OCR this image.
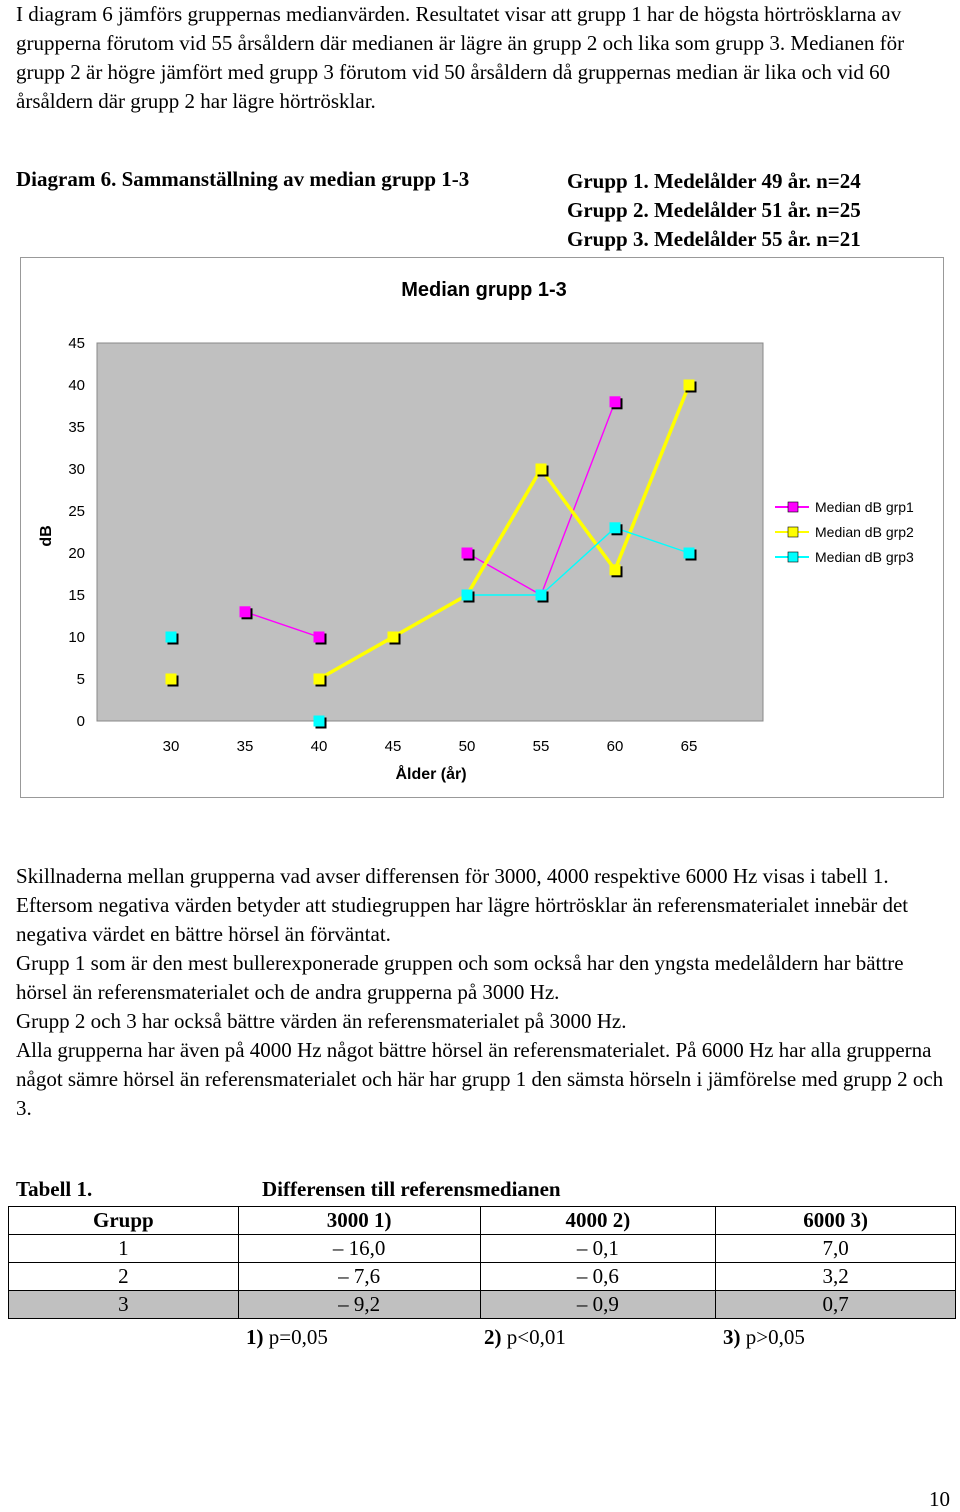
I diagram 6 jämförs gruppernas medianvärden. Resultatet visar att grupp 1 har de högsta hörtrösklarna av grupperna förutom vid 55 årsåldern där medianen är lägre än grupp 2 och lika som grupp 3. Medianen för grupp 2 är högre jämfört med grupp 3 förutom vid 50 årsåldern då gruppernas median är lika och vid 60 årsåldern där grupp 2 har lägre hörtrösklar.

Diagram 6. Sammanställning av median grupp 1-3	Grupp 1. Medelålder 49 år. n=24
Grupp 2. Medelålder 51 år. n=25
Grupp 3. Medelålder 55 år. n=21
Median grupp 1-3
0
5
10
15
20
25
30
35
40
45
30	35	40	45	50	55	60	65
dB
Ålder (år)
Median dB grp1
Median dB grp2
Median dB grp3

Skillnaderna mellan grupperna vad avser differensen för 3000, 4000 respektive 6000 Hz visas i tabell 1. Eftersom negativa värden betyder att studiegruppen har lägre hörtrösklar än referensmaterialet innebär det negativa värdet en bättre hörsel än förväntat.

Grupp 1 som är den mest bullerexponerade gruppen och som också har den yngsta medelåldern har bättre hörsel än referensmaterialet och de andra grupperna på 3000 Hz.

Grupp 2 och 3 har också bättre värden än referensmaterialet på 3000 Hz.

Alla grupperna har även på 4000 Hz något bättre hörsel än referensmaterialet. På 6000 Hz har alla grupperna något sämre hörsel än referensmaterialet och här har grupp 1 den sämsta hörseln i jämförelse med grupp 2 och 3.

Tabell 1.	Differensen till referensmedianen
Grupp	3000 1)	4000 2)	6000 3)
1	– 16,0	– 0,1	7,0
2	– 7,6	– 0,6	3,2
3	– 9,2	– 0,9	0,7
1) p=0,05	2) p<0,01	3) p>0,05
10
